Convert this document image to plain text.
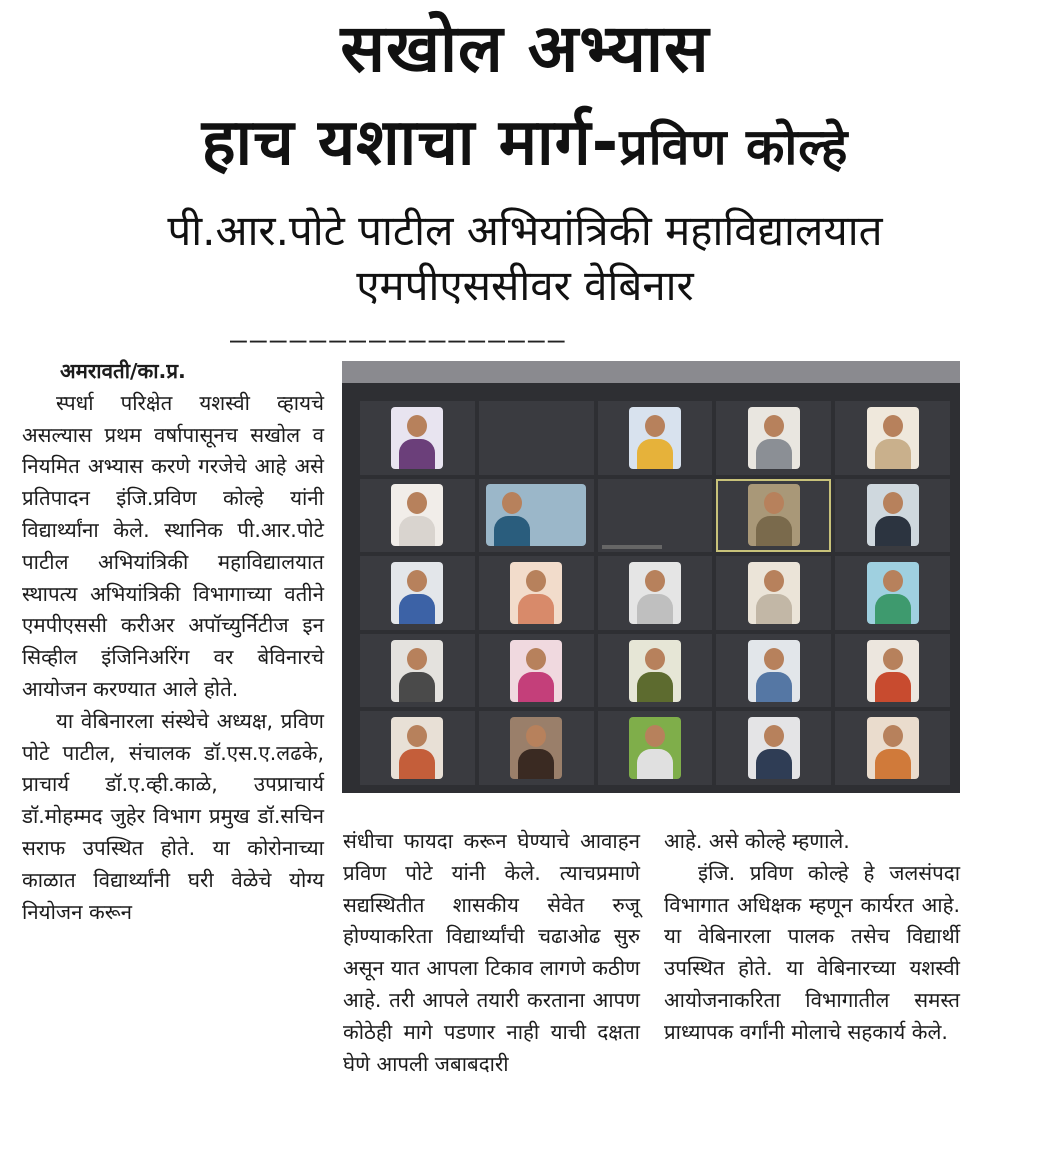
सखोल अभ्यास
हाच यशाचा मार्ग-प्रविण कोल्हे
पी.आर.पोटे पाटील अभियांत्रिकी महाविद्यालयात
एमपीएससीवर वेबिनार
–––––––––––––––––

अमरावती/का.प्र.

स्पर्धा परिक्षेत यशस्वी व्हायचे असल्यास प्रथम वर्षापासूनच सखोल व नियमित अभ्यास करणे गरजेचे आहे असे प्रतिपादन इंजि.प्रविण कोल्हे यांनी विद्यार्थ्यांना केले. स्थानिक पी.आर.पोटे पाटील अभियांत्रिकी महाविद्यालयात स्थापत्य अभियांत्रिकी विभागाच्या वतीने एमपीएससी करीअर अपॉच्युर्निटीज इन सिव्हील इंजिनिअरिंग वर बेविनारचे आयोजन करण्यात आले होते.

या वेबिनारला संस्थेचे अध्यक्ष, प्रविण पोटे पाटील, संचालक डॉ.एस.ए.लढके, प्राचार्य डॉ.ए.व्ही.काळे, उपप्राचार्य डॉ.मोहम्मद जुहेर विभाग प्रमुख डॉ.सचिन सराफ उपस्थित होते. या कोरोनाच्या काळात विद्यार्थ्यांनी घरी वेळेचे योग्य नियोजन करून

संधीचा फायदा करून घेण्याचे आवाहन प्रविण पोटे यांनी केले. त्याचप्रमाणे सद्यस्थितीत शासकीय सेवेत रुजू होण्याकरिता विद्यार्थ्यांची चढाओढ सुरु असून यात आपला टिकाव लागणे कठीण आहे. तरी आपले तयारी करताना आपण कोठेही मागे पडणार नाही याची दक्षता घेणे आपली जबाबदारी

आहे. असे कोल्हे म्हणाले.

इंजि. प्रविण कोल्हे हे जलसंपदा विभागात अधिक्षक म्हणून कार्यरत आहे. या वेबिनारला पालक तसेच विद्यार्थी उपस्थित होते. या वेबिनारच्या यशस्वी आयोजनाकरिता विभागातील समस्त प्राध्यापक वर्गांनी मोलाचे सहकार्य केले.
